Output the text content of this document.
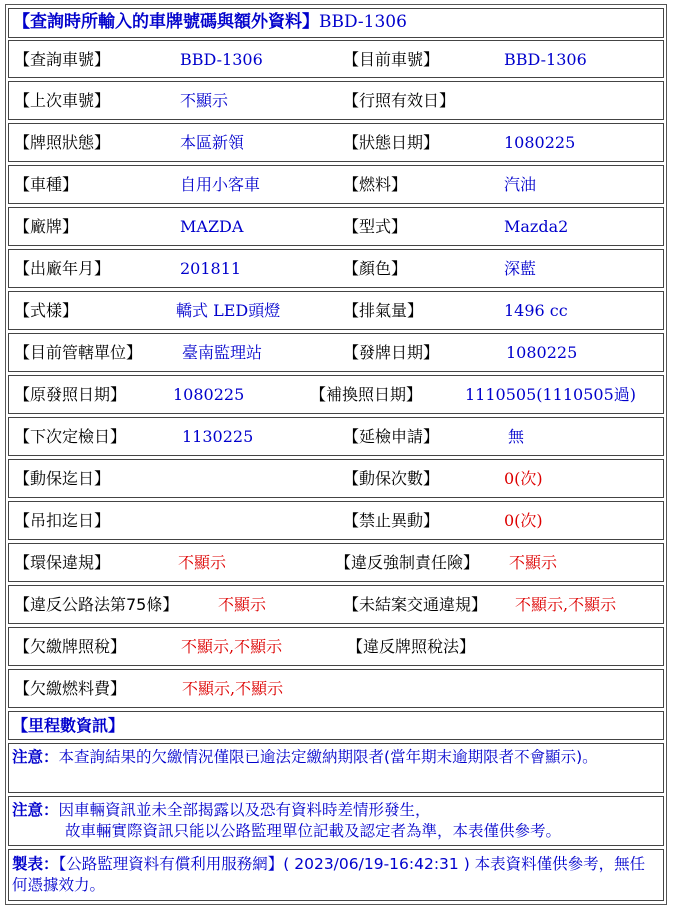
【查詢時所輸入的車牌號碼與額外資料】BBD-1306
【查詢車號】	BBD-1306	【目前車號】	BBD-1306
【上次車號】	不顯示	【行照有效日】
【牌照狀態】	本區新領	【狀態日期】	1080225
【車種】	自用小客車	【燃料】	汽油
【廠牌】	MAZDA	【型式】	Mazda2
【出廠年月】	201811	【顏色】	深藍
【式樣】	轎式 LED頭燈	【排氣量】	1496 cc
【目前管轄單位】 臺南監理站	【發牌日期】	1080225
【原發照日期】	1080225	【補換照日期】	1110505(1110505過)
【下次定檢日】	1130225	【延檢申請】	無
【動保迄日】	【動保次數】	0(次)
【吊扣迄日】	【禁止異動】	0(次)
【環保違規】	不顯示	【違反強制責任險】 不顯示
【違反公路法第75條】 不顯示	【未結案交通違規】 不顯示,不顯示
【欠繳牌照稅】	不顯示,不顯示	【違反牌照稅法】
【欠繳燃料費】	不顯示,不顯示
【里程數資訊】
注意：本查詢結果的欠繳情況僅限已逾法定繳納期限者(當年期末逾期限者不會顯示)。
注意：因車輛資訊並未全部揭露以及恐有資料時差情形發生，
故車輛實際資訊只能以公路監理單位記載及認定者為準，本表僅供參考。
製表：【公路監理資料有償利用服務網】( 2023/06/19-16:42:31 ) 本表資料僅供參考，無任何憑據效力。
